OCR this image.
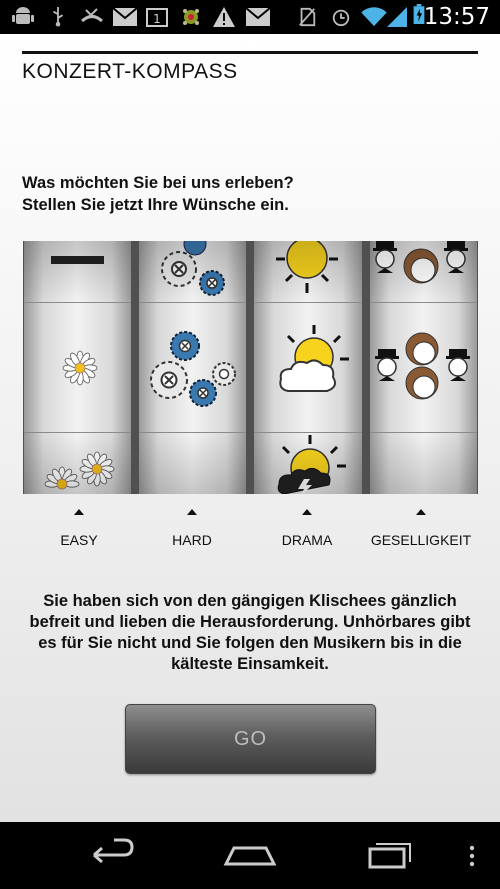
1	13:57
KONZERT-KOMPASS
Was möchten Sie bei uns erleben?
Stellen Sie jetzt Ihre Wünsche ein.
EASY	HARD	DRAMA	GESELLIGKEIT
Sie haben sich von den gängigen Klischees gänzlich befreit und lieben die Herausforderung. Unhörbares gibt es für Sie nicht und Sie folgen den Musikern bis in die kälteste Einsamkeit.
GO
